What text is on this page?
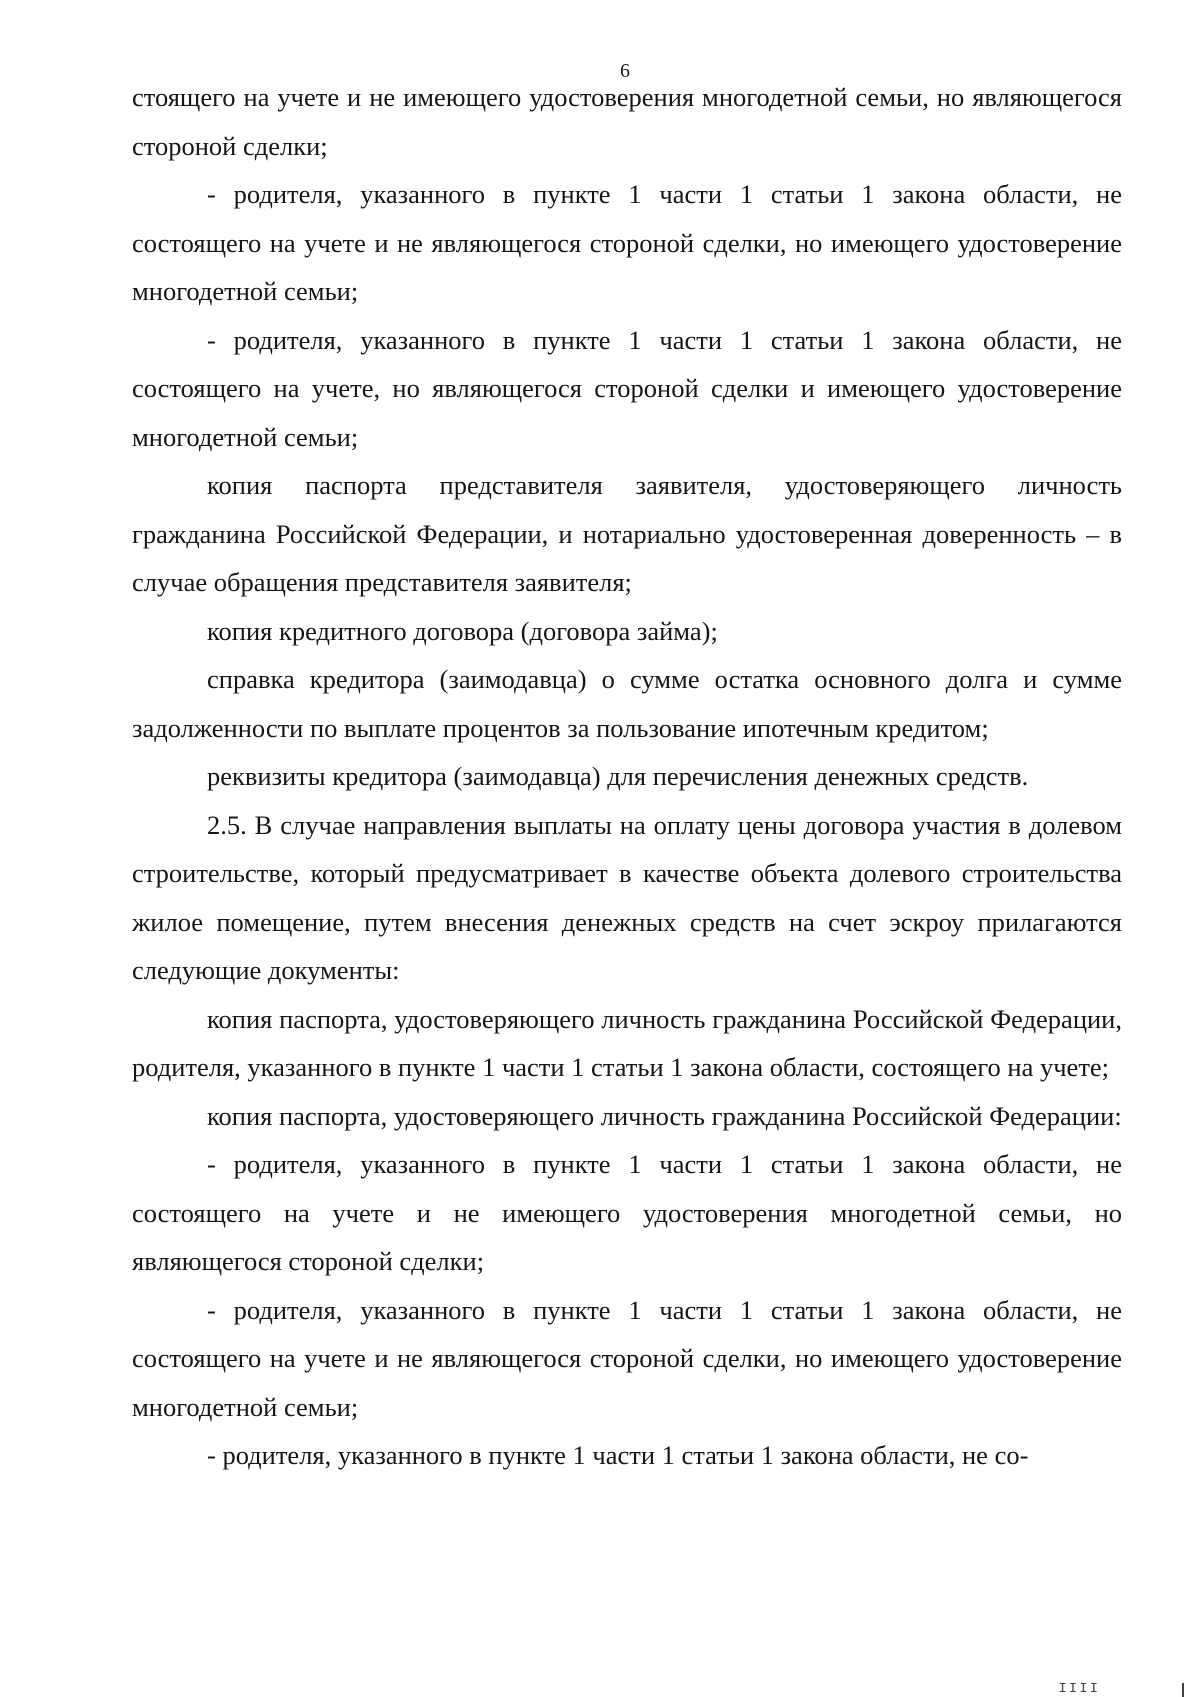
6

стоящего на учете и не имеющего удостоверения многодетной семьи, но являющегося стороной сделки;

- родителя, указанного в пункте 1 части 1 статьи 1 закона области, не состоящего на учете и не являющегося стороной сделки, но имеющего удостоверение многодетной семьи;

- родителя, указанного в пункте 1 части 1 статьи 1 закона области, не состоящего на учете, но являющегося стороной сделки и имеющего удостоверение многодетной семьи;

копия паспорта представителя заявителя, удостоверяющего личность гражданина Российской Федерации, и нотариально удостоверенная доверенность – в случае обращения представителя заявителя;

копия кредитного договора (договора займа);

справка кредитора (заимодавца) о сумме остатка основного долга и сумме задолженности по выплате процентов за пользование ипотечным кредитом;

реквизиты кредитора (заимодавца) для перечисления денежных средств.

2.5. В случае направления выплаты на оплату цены договора участия в долевом строительстве, который предусматривает в качестве объекта долевого строительства жилое помещение, путем внесения денежных средств на счет эскроу прилагаются следующие документы:

копия паспорта, удостоверяющего личность гражданина Российской Федерации, родителя, указанного в пункте 1 части 1 статьи 1 закона области, состоящего на учете;

копия паспорта, удостоверяющего личность гражданина Российской Федерации:

- родителя, указанного в пункте 1 части 1 статьи 1 закона области, не состоящего на учете и не имеющего удостоверения многодетной семьи, но являющегося стороной сделки;

- родителя, указанного в пункте 1 части 1 статьи 1 закона области, не состоящего на учете и не являющегося стороной сделки, но имеющего удостоверение многодетной семьи;

- родителя, указанного в пункте 1 части 1 статьи 1 закона области, не со-

IIII
